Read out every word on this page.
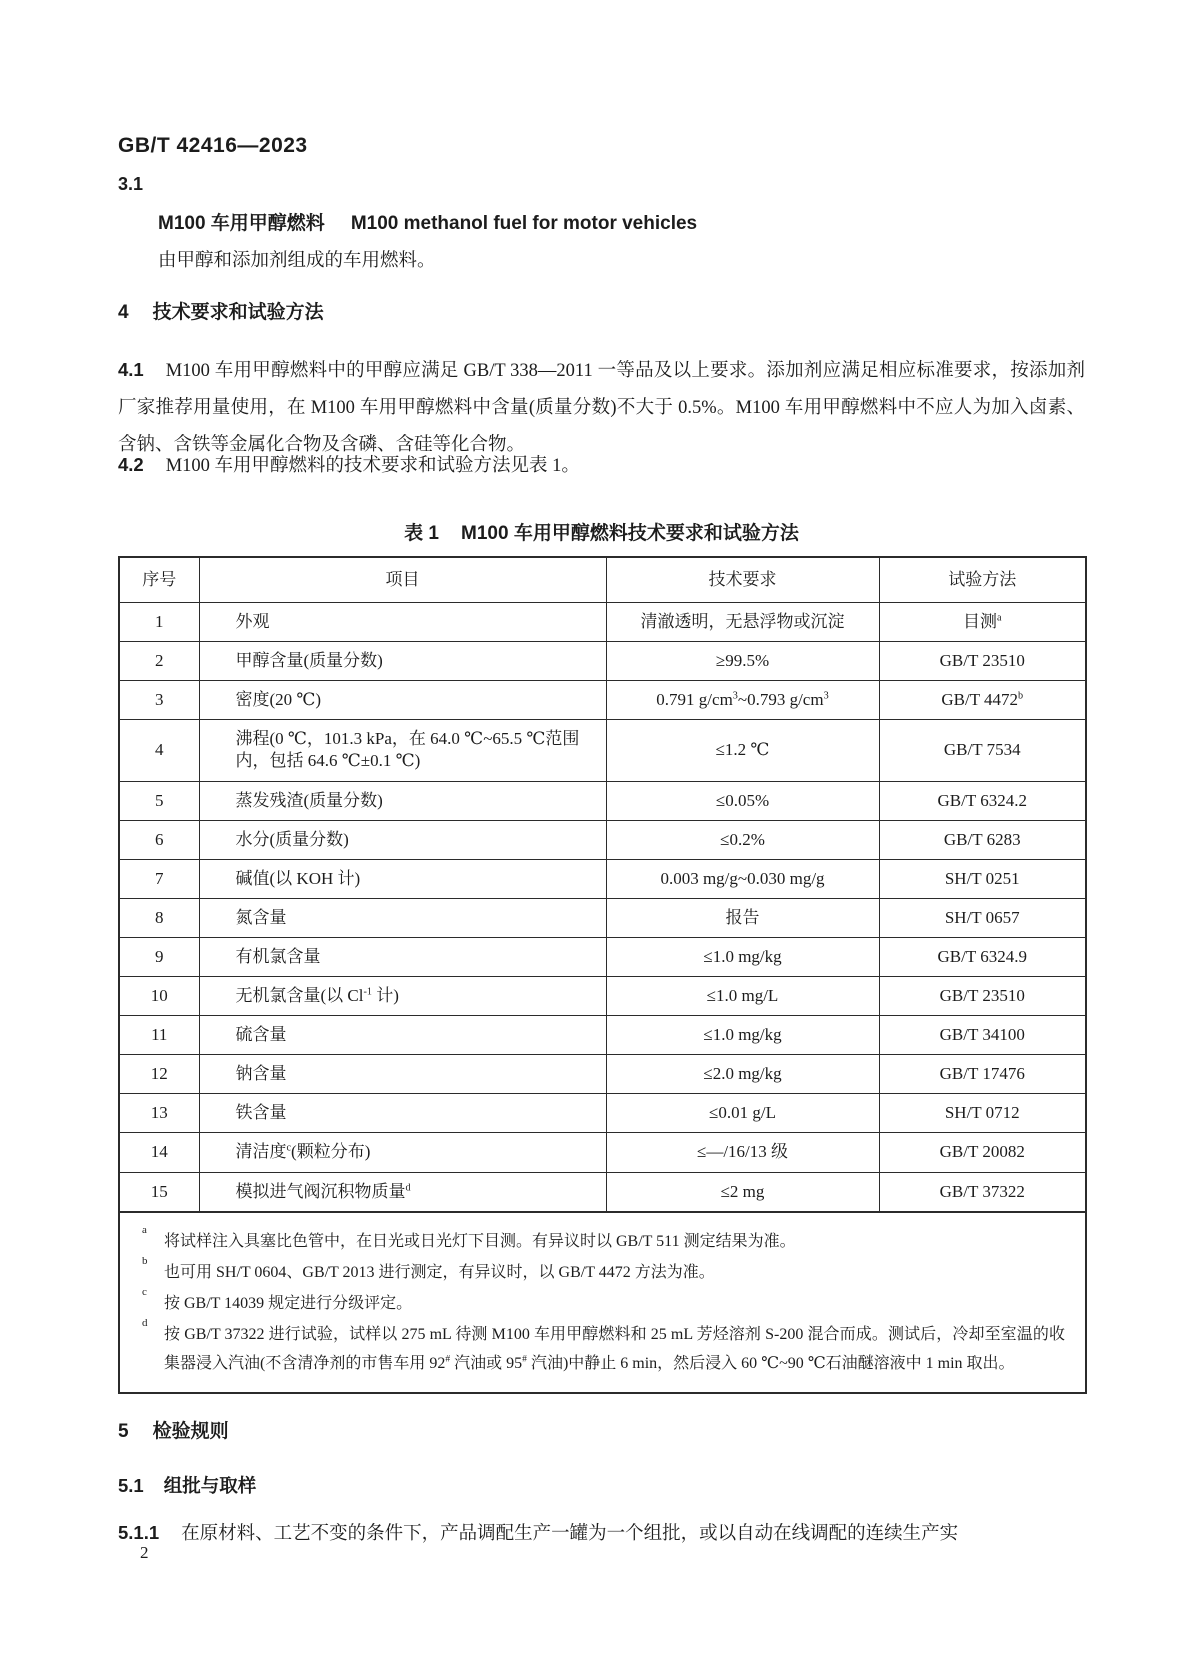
GB/T 42416—2023
3.1
M100 车用甲醇燃料 M100 methanol fuel for motor vehicles
由甲醇和添加剂组成的车用燃料。
4 技术要求和试验方法
4.1 M100 车用甲醇燃料中的甲醇应满足 GB/T 338—2011 一等品及以上要求。添加剂应满足相应标准要求，按添加剂厂家推荐用量使用，在 M100 车用甲醇燃料中含量(质量分数)不大于 0.5%。M100 车用甲醇燃料中不应人为加入卤素、含钠、含铁等金属化合物及含磷、含硅等化合物。
4.2 M100 车用甲醇燃料的技术要求和试验方法见表 1。
表 1 M100 车用甲醇燃料技术要求和试验方法
序号	项目	技术要求	试验方法
1	外观	清澈透明，无悬浮物或沉淀	目测$^a$
2	甲醇含量(质量分数)	≥99.5%	GB/T 23510
3	密度(20 ℃)	0.791 $g/cm^3\sim 0.793$ $g/cm^3$	GB/T 4472$^b$
4	沸程(0 ℃，101.3 kPa，在 64.0 ℃~65.5 ℃范围内，包括 64.6 ℃±0.1 ℃)	≤1.2 ℃	GB/T 7534
5	蒸发残渣(质量分数)	≤0.05%	GB/T 6324.2
6	水分(质量分数)	≤0.2%	GB/T 6283
7	碱值(以 KOH 计)	0.003 mg/g~0.030 mg/g	SH/T 0251
8	氮含量	报告	SH/T 0657
9	有机氯含量	≤1.0 mg/kg	GB/T 6324.9
10	无机氯含量(以 $Cl^{-1}$ 计)	≤1.0 mg/L	GB/T 23510
11	硫含量	≤1.0 mg/kg	GB/T 34100
12	钠含量	≤2.0 mg/kg	GB/T 17476
13	铁含量	≤0.01 g/L	SH/T 0712
14	清洁度$^c$(颗粒分布)	≤—/16/13 级	GB/T 20082
15	模拟进气阀沉积物质量$^d$	≤2 mg	GB/T 37322

a
将试样注入具塞比色管中，在日光或日光灯下目测。有异议时以 GB/T 511 测定结果为准。
b
也可用 SH/T 0604、GB/T 2013 进行测定，有异议时，以 GB/T 4472 方法为准。
c
按 GB/T 14039 规定进行分级评定。
d
按 GB/T 37322 进行试验，试样以 275 mL 待测 M100 车用甲醇燃料和 25 mL 芳烃溶剂 S-200 混合而成。测试后，冷却至室温的收集器浸入汽油(不含清净剂的市售车用 92# 汽油或 95# 汽油)中静止 6 min，然后浸入 60 ℃~90 ℃石油醚溶液中 1 min 取出。
5 检验规则
5.1 组批与取样
5.1.1 在原材料、工艺不变的条件下，产品调配生产一罐为一个组批，或以自动在线调配的连续生产实
2
